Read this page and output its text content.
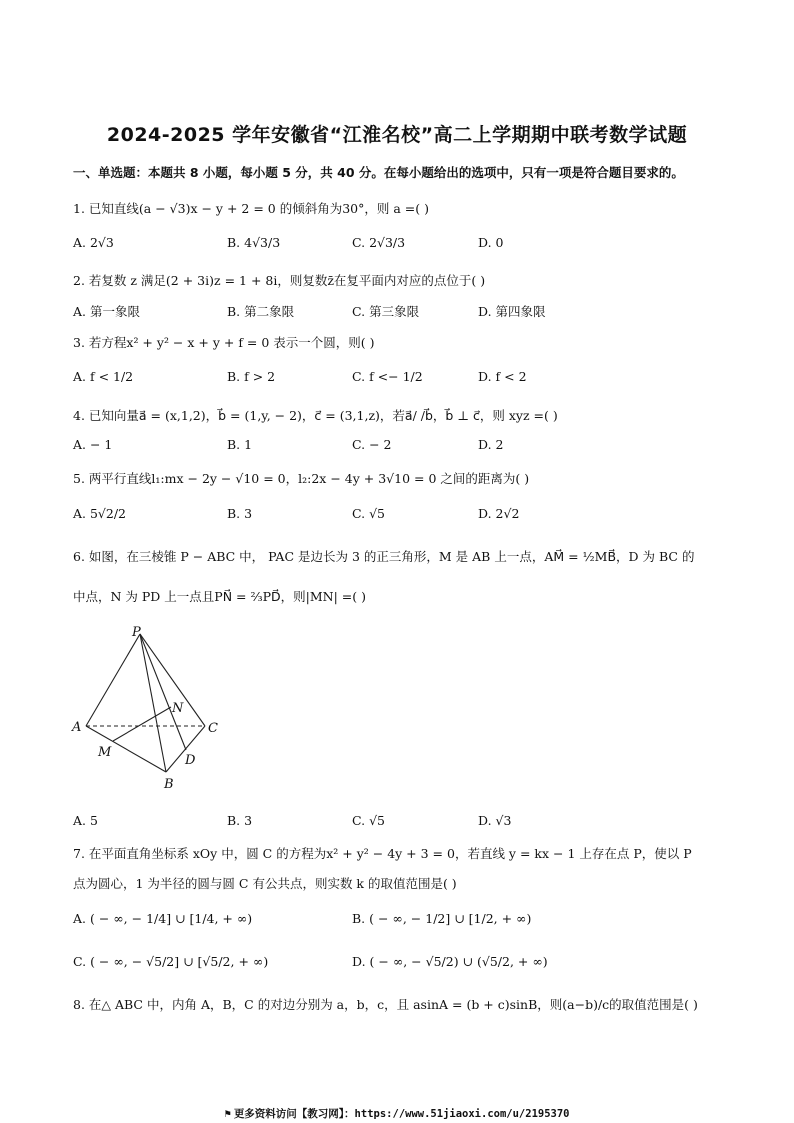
2024-2025 学年安徽省“江淮名校”高二上学期期中联考数学试题
一、单选题：本题共 8 小题，每小题 5 分，共 40 分。在每小题给出的选项中，只有一项是符合题目要求的。
1. 已知直线(a − √3)x − y + 2 = 0 的倾斜角为30°，则 a =( )
A. 2√3	B. 4√3/3	C. 2√3/3	D. 0
2. 若复数 z 满足(2 + 3i)z = 1 + 8i，则复数z̄在复平面内对应的点位于( )
A. 第一象限	B. 第二象限	C. 第三象限	D. 第四象限
3. 若方程x² + y² − x + y + f = 0 表示一个圆，则( )
A. f < 1/2	B. f > 2	C. f <− 1/2	D. f < 2
4. 已知向量a⃗ = (x,1,2)，b⃗ = (1,y, − 2)，c⃗ = (3,1,z)，若a⃗/ /b⃗，b⃗ ⊥ c⃗，则 xyz =( )
A. − 1	B. 1	C. − 2	D. 2
5. 两平行直线l₁:mx − 2y − √10 = 0，l₂:2x − 4y + 3√10 = 0 之间的距离为( )
A. 5√2/2	B. 3	C. √5	D. 2√2
6. 如图，在三棱锥 P − ABC 中， PAC 是边长为 3 的正三角形，M 是 AB 上一点，AM⃗ = ½MB⃗，D 为 BC 的
中点，N 为 PD 上一点且PN⃗ = ⅔PD⃗，则|MN| =( )
P
A	C
B
M
N
D
A. 5	B. 3	C. √5	D. √3
7. 在平面直角坐标系 xOy 中，圆 C 的方程为x² + y² − 4y + 3 = 0，若直线 y = kx − 1 上存在点 P，使以 P
点为圆心，1 为半径的圆与圆 C 有公共点，则实数 k 的取值范围是( )
A. ( − ∞, − 1/4] ∪ [1/4, + ∞)	B. ( − ∞, − 1/2] ∪ [1/2, + ∞)
C. ( − ∞, − √5/2] ∪ [√5/2, + ∞)	D. ( − ∞, − √5/2) ∪ (√5/2, + ∞)
8. 在△ ABC 中，内角 A，B，C 的对边分别为 a，b，c，且 asinA = (b + c)sinB，则(a−b)/c的取值范围是( )
⚑ 更多资料访问【教习网】：https://www.51jiaoxi.com/u/2195370
